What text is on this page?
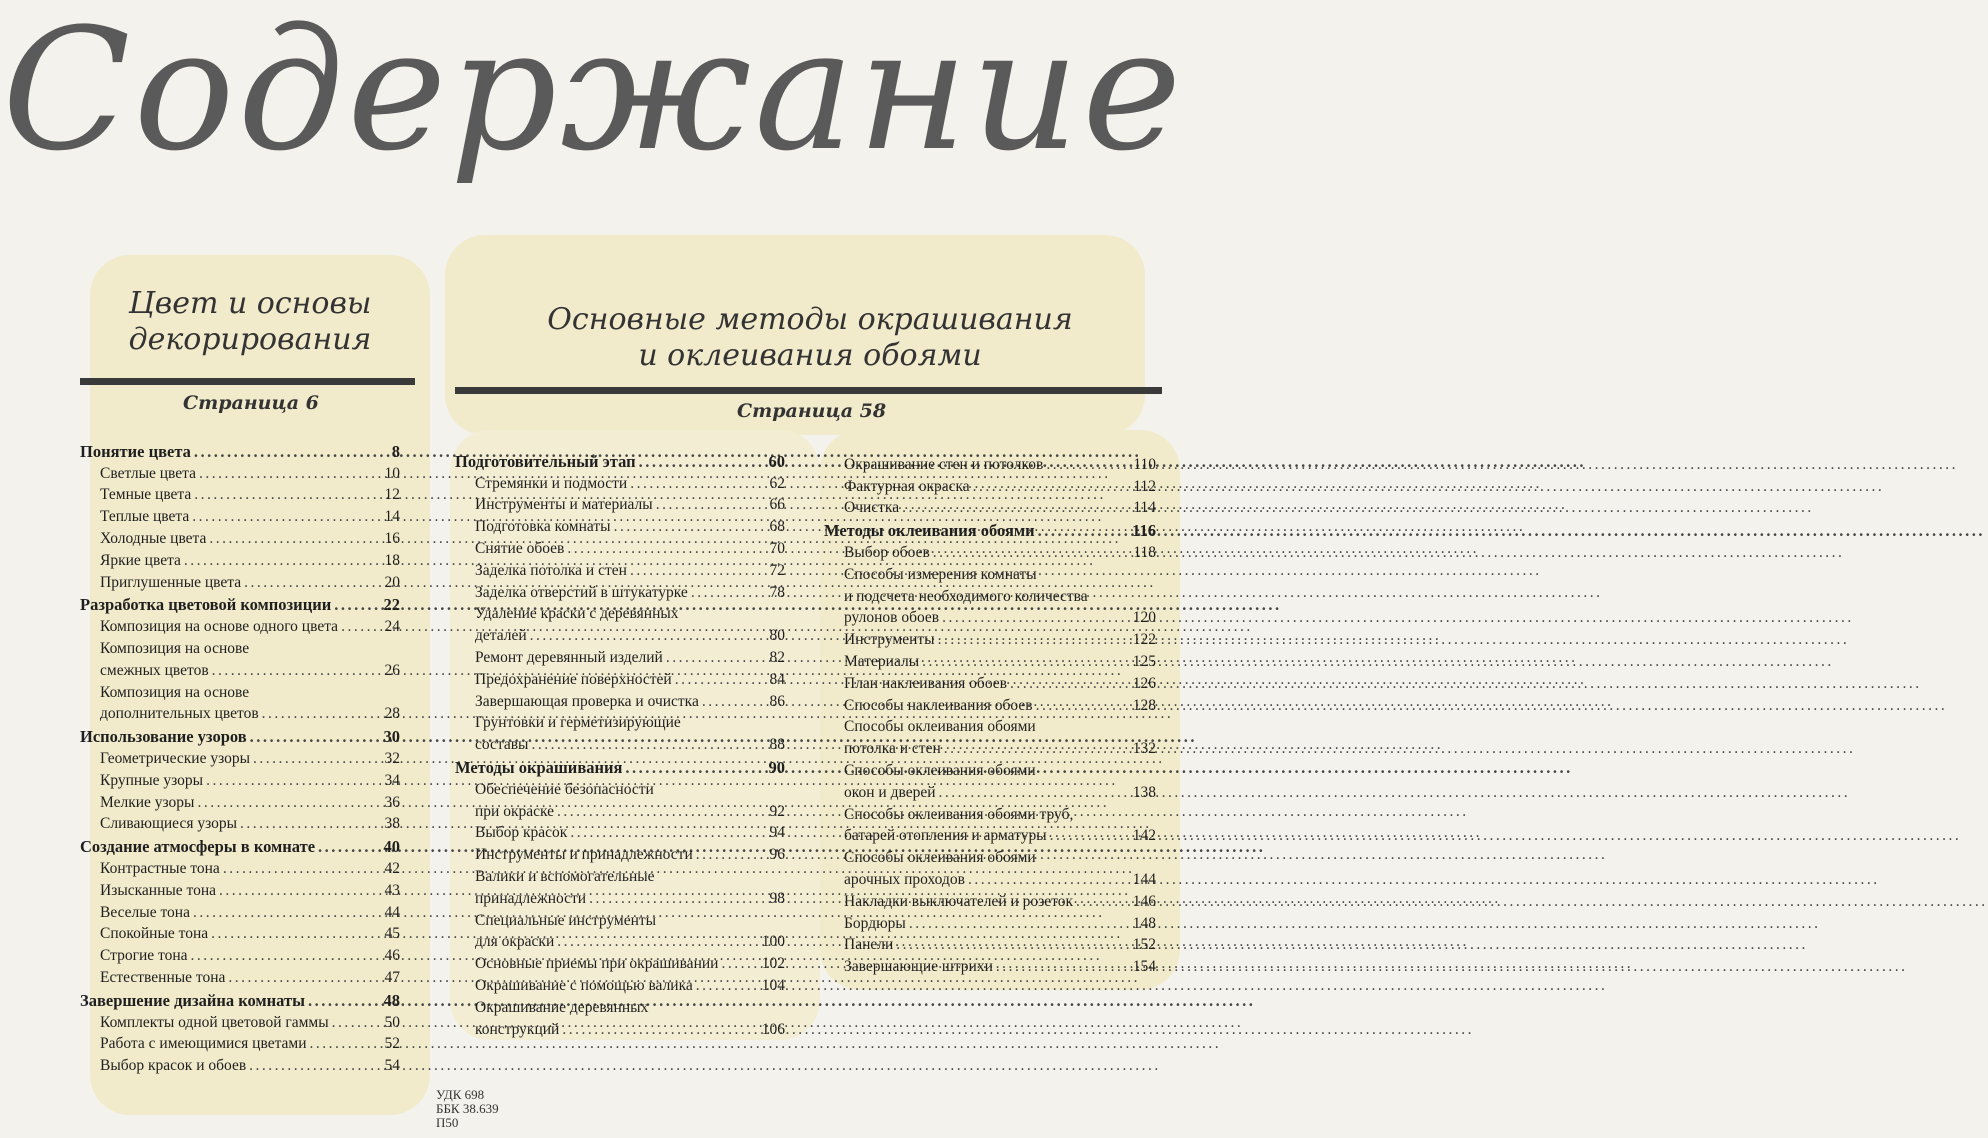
Содержание
Цвет и основы
декорирования
Страница 6
Основные методы окрашивания
и оклеивания обоями
Страница 58
Понятие цвета .....	8
Светлые цвета .....	10
Темные цвета .....	12
Теплые цвета .....	14
Холодные цвета .....	16
Яркие цвета .....	18
Приглушенные цвета .....	20
Разработка цветовой композиции .....	22
Композиция на основе одного цвета .....	24
Композиция на основе
смежных цветов .....	26
Композиция на основе
дополнительных цветов .....	28
Использование узоров .....	30
Геометрические узоры .....	32
Крупные узоры .....	34
Мелкие узоры .....	36
Сливающиеся узоры .....	38
Создание атмосферы в комнате .....	40
Контрастные тона .....	42
Изысканные тона .....	43
Веселые тона .....	44
Спокойные тона .....	45
Строгие тона .....	46
Естественные тона .....	47
Завершение дизайна комнаты .....	48
Комплекты одной цветовой гаммы .....	50
Работа с имеющимися цветами .....	52
Выбор красок и обоев .....	54
Подготовительный этап .....	60
Стремянки и подмости .....	62
Инструменты и материалы .....	66
Подготовка комнаты .....	68
Снятие обоев .....	70
Заделка потолка и стен .....	72
Заделка отверстий в штукатурке .....	78
Удаление краски с деревянных
деталей .....	80
Ремонт деревянный изделий .....	82
Предохранение поверхностей .....	84
Завершающая проверка и очистка .....	86
Грунтовки и герметизирующие
составы .....	88
Методы окрашивания .....	90
Обеспечение безопасности
при окраске .....	92
Выбор красок .....	94
Инструменты и принадлежности .....	96
Валики и вспомогательные
принадлежности .....	98
Специальные инструменты
для окраски .....	100
Основные приемы при окрашивании .....	102
Окрашивание с помощью валика .....	104
Окрашивание деревянных
конструкций .....	106
Окрашивание стен и потолков .....	110
Фактурная окраска .....	112
Очистка .....	114
Методы оклеивания обоями .....	116
Выбор обоев .....	118
Способы измерения комнаты
и подсчета необходимого количества
рулонов обоев .....	120
Инструменты .....	122
Материалы .....	125
План наклеивания обоев .....	126
Способы наклеивания обоев .....	128
Способы оклеивания обоями
потолка и стен .....	132
Способы оклеивания обоями
окон и дверей .....	138
Способы оклеивания обоями труб,
батарей отопления и арматуры .....	142
Способы оклеивания обоями
арочных проходов .....	144
Накладки выключателей и розеток .....	146
Бордюры .....	148
Панели .....	152
Завершающие штрихи .....	154
УДК 698
ББК 38.639
П50
